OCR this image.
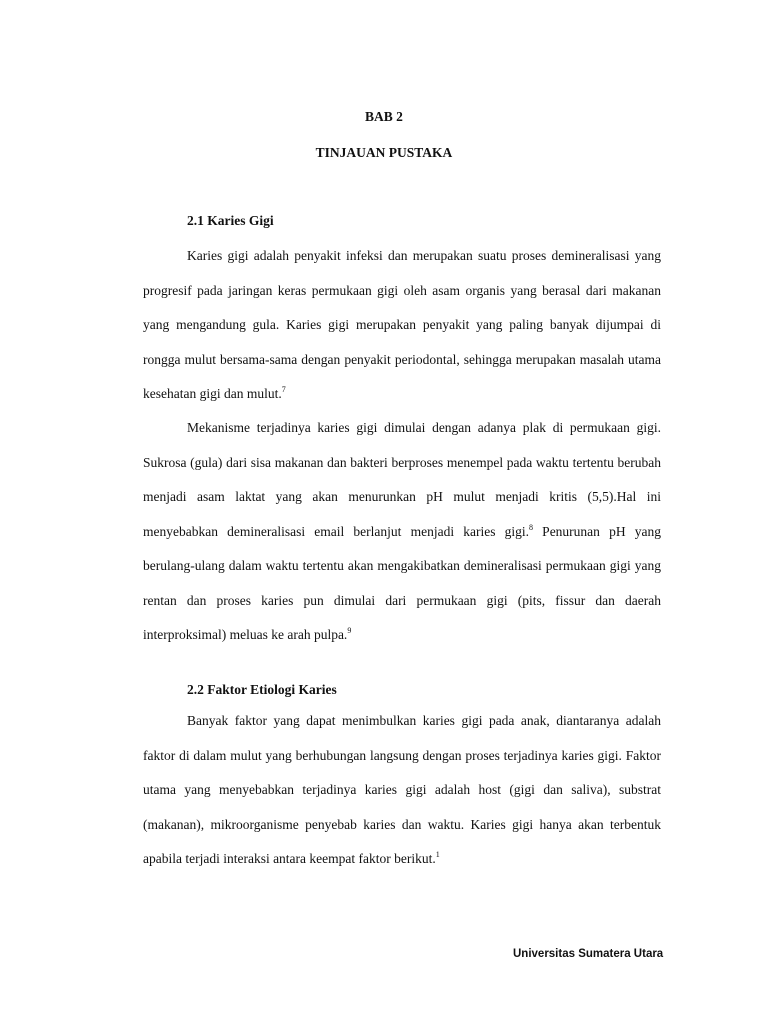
BAB 2
TINJAUAN PUSTAKA
2.1 Karies Gigi

Karies gigi adalah penyakit infeksi dan merupakan suatu proses demineralisasi yang progresif pada jaringan keras permukaan gigi oleh asam organis yang berasal dari makanan yang mengandung gula. Karies gigi merupakan penyakit yang paling banyak dijumpai di rongga mulut bersama-sama dengan penyakit periodontal, sehingga merupakan masalah utama kesehatan gigi dan mulut.$^7$

Mekanisme terjadinya karies gigi dimulai dengan adanya plak di permukaan gigi. Sukrosa (gula) dari sisa makanan dan bakteri berproses menempel pada waktu tertentu berubah menjadi asam laktat yang akan menurunkan pH mulut menjadi kritis (5,5).Hal ini menyebabkan demineralisasi email berlanjut menjadi karies gigi.$^8$ Penurunan pH yang berulang-ulang dalam waktu tertentu akan mengakibatkan demineralisasi permukaan gigi yang rentan dan proses karies pun dimulai dari permukaan gigi (pits, fissur dan daerah interproksimal) meluas ke arah pulpa.$^9$

2.2 Faktor Etiologi Karies

Banyak faktor yang dapat menimbulkan karies gigi pada anak, diantaranya adalah faktor di dalam mulut yang berhubungan langsung dengan proses terjadinya karies gigi. Faktor utama yang menyebabkan terjadinya karies gigi adalah host (gigi dan saliva), substrat (makanan), mikroorganisme penyebab karies dan waktu. Karies gigi hanya akan terbentuk apabila terjadi interaksi antara keempat faktor berikut.$^1$

Universitas Sumatera Utara
